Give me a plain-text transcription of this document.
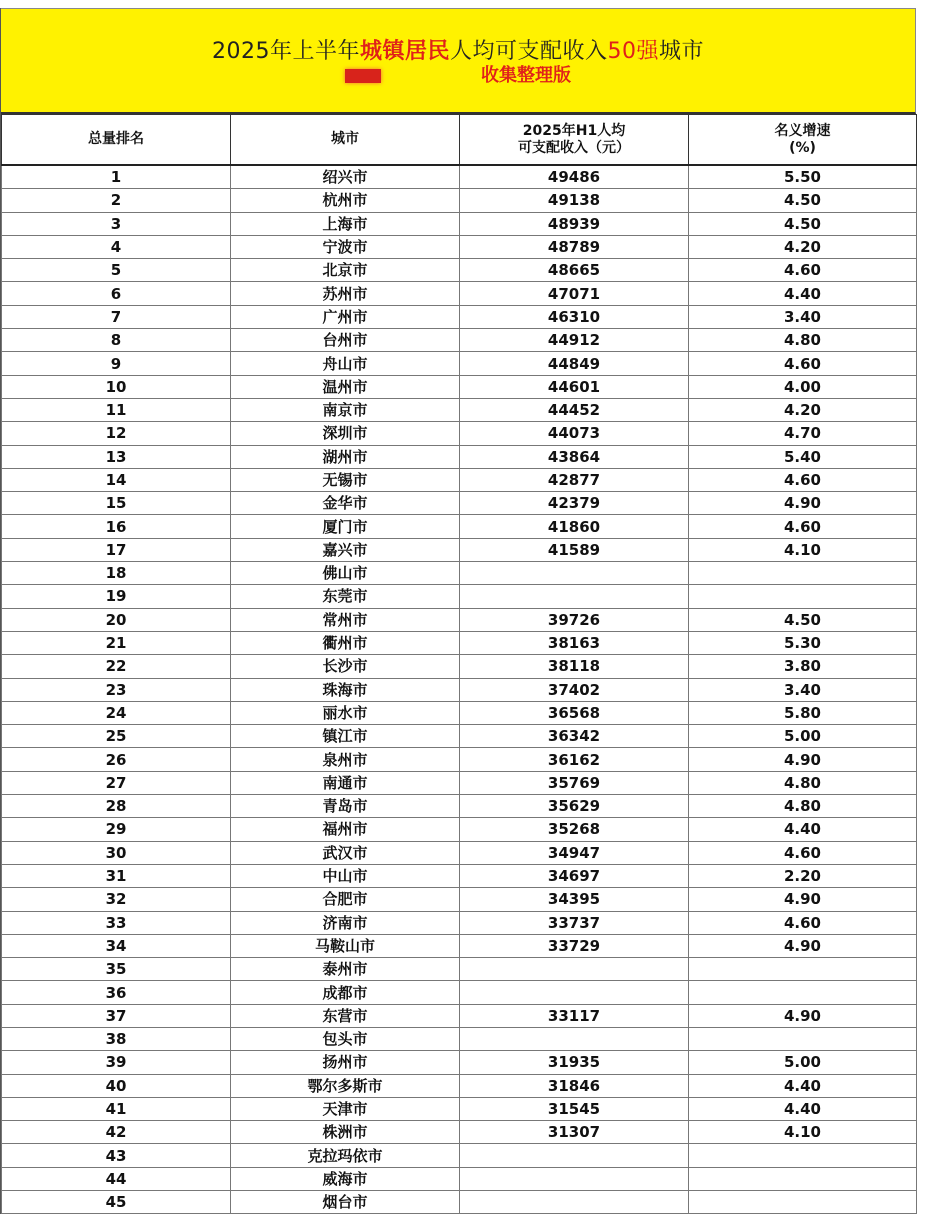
2025年上半年城镇居民人均可支配收入50强城市
收集整理版
总量排名	城市	2025年H1人均
可支配收入（元）	名义增速
(%)
1	绍兴市	49486	5.50
2	杭州市	49138	4.50
3	上海市	48939	4.50
4	宁波市	48789	4.20
5	北京市	48665	4.60
6	苏州市	47071	4.40
7	广州市	46310	3.40
8	台州市	44912	4.80
9	舟山市	44849	4.60
10	温州市	44601	4.00
11	南京市	44452	4.20
12	深圳市	44073	4.70
13	湖州市	43864	5.40
14	无锡市	42877	4.60
15	金华市	42379	4.90
16	厦门市	41860	4.60
17	嘉兴市	41589	4.10
18	佛山市		
19	东莞市		
20	常州市	39726	4.50
21	衢州市	38163	5.30
22	长沙市	38118	3.80
23	珠海市	37402	3.40
24	丽水市	36568	5.80
25	镇江市	36342	5.00
26	泉州市	36162	4.90
27	南通市	35769	4.80
28	青岛市	35629	4.80
29	福州市	35268	4.40
30	武汉市	34947	4.60
31	中山市	34697	2.20
32	合肥市	34395	4.90
33	济南市	33737	4.60
34	马鞍山市	33729	4.90
35	泰州市		
36	成都市		
37	东营市	33117	4.90
38	包头市		
39	扬州市	31935	5.00
40	鄂尔多斯市	31846	4.40
41	天津市	31545	4.40
42	株洲市	31307	4.10
43	克拉玛依市		
44	威海市		
45	烟台市		
